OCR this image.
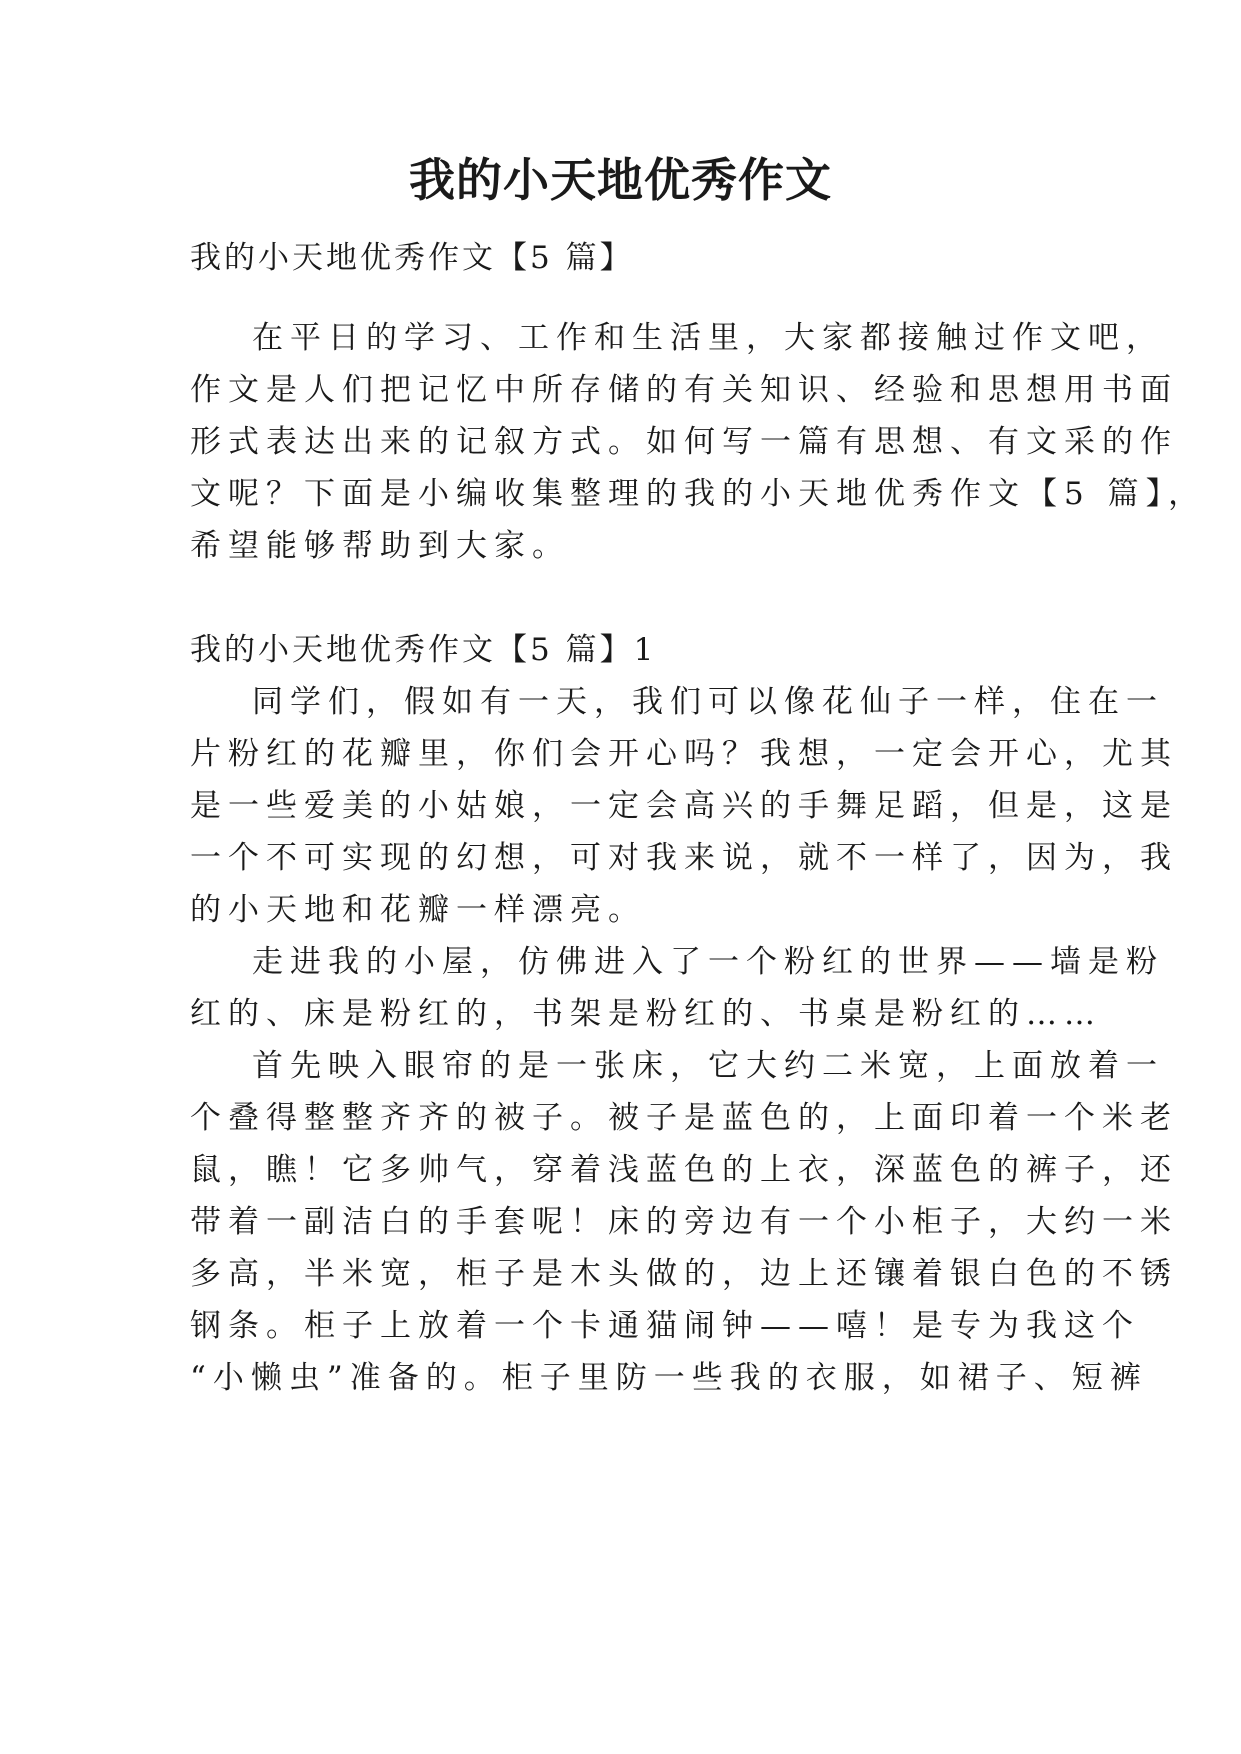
我的小天地优秀作文

我的小天地优秀作文【5 篇】

在平日的学习、工作和生活里，大家都接触过作文吧，

作文是人们把记忆中所存储的有关知识、经验和思想用书面

形式表达出来的记叙方式。如何写一篇有思想、有文采的作

文呢？下面是小编收集整理的我的小天地优秀作文【5 篇】，

希望能够帮助到大家。

我的小天地优秀作文【5 篇】1

同学们，假如有一天，我们可以像花仙子一样，住在一

片粉红的花瓣里，你们会开心吗？我想，一定会开心，尤其

是一些爱美的小姑娘，一定会高兴的手舞足蹈，但是，这是

一个不可实现的幻想，可对我来说，就不一样了，因为，我

的小天地和花瓣一样漂亮。

走进我的小屋，仿佛进入了一个粉红的世界——墙是粉

红的、床是粉红的，书架是粉红的、书桌是粉红的……

首先映入眼帘的是一张床，它大约二米宽，上面放着一

个叠得整整齐齐的被子。被子是蓝色的，上面印着一个米老

鼠，瞧！它多帅气，穿着浅蓝色的上衣，深蓝色的裤子，还

带着一副洁白的手套呢！床的旁边有一个小柜子，大约一米

多高，半米宽，柜子是木头做的，边上还镶着银白色的不锈

钢条。柜子上放着一个卡通猫闹钟——嘻！是专为我这个

“小懒虫”准备的。柜子里防一些我的衣服，如裙子、短裤
